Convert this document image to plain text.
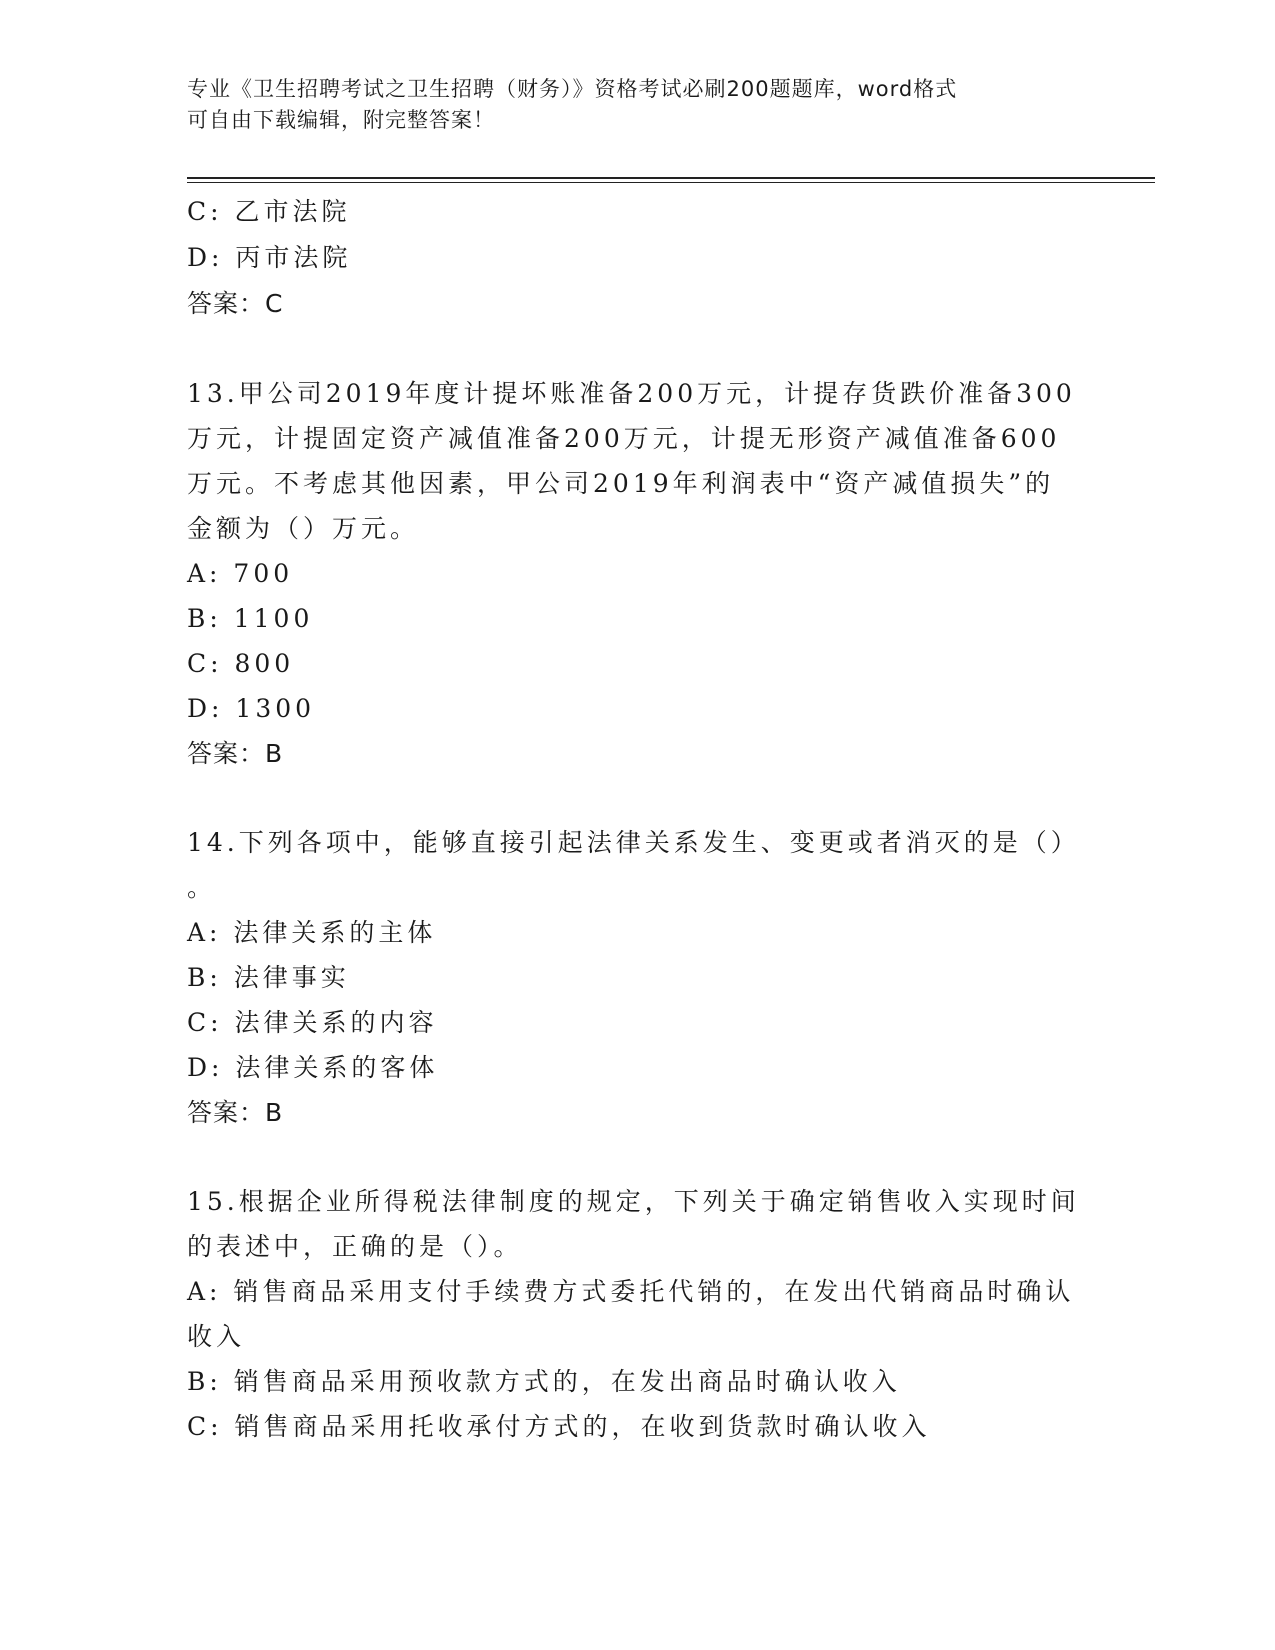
专业《卫生招聘考试之卫生招聘（财务）》资格考试必刷200题题库，word格式
可自由下载编辑，附完整答案！
C: 乙市法院
D: 丙市法院
答案：C
13.甲公司2019年度计提坏账准备200万元，计提存货跌价准备300
万元，计提固定资产减值准备200万元，计提无形资产减值准备600
万元。不考虑其他因素，甲公司2019年利润表中“资产减值损失”的
金额为（）万元。
A: 700
B: 1100
C: 800
D: 1300
答案：B
14.下列各项中，能够直接引起法律关系发生、变更或者消灭的是（）
。
A: 法律关系的主体
B: 法律事实
C: 法律关系的内容
D: 法律关系的客体
答案：B
15.根据企业所得税法律制度的规定，下列关于确定销售收入实现时间
的表述中，正确的是（）。
A: 销售商品采用支付手续费方式委托代销的，在发出代销商品时确认
收入
B: 销售商品采用预收款方式的，在发出商品时确认收入
C: 销售商品采用托收承付方式的，在收到货款时确认收入
